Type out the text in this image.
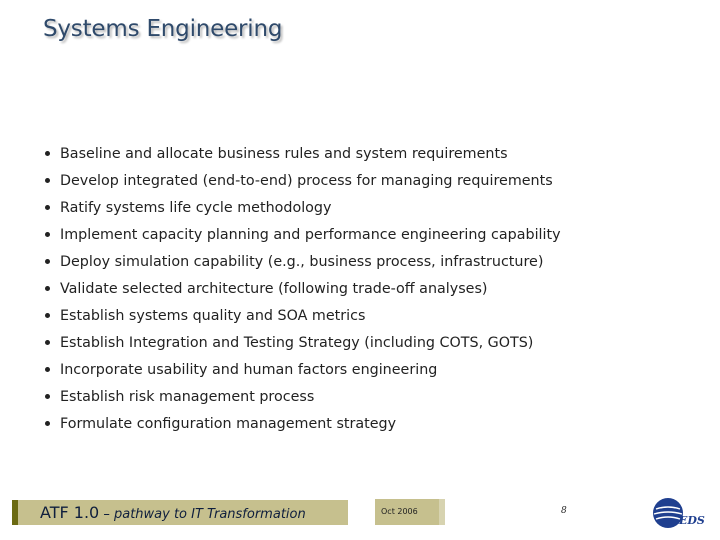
Systems Engineering
Baseline and allocate business rules and system requirements
Develop integrated (end-to-end) process for managing requirements
Ratify systems life cycle methodology
Implement capacity planning and performance engineering capability
Deploy simulation capability (e.g., business process, infrastructure)
Validate selected architecture (following trade-off analyses)
Establish systems quality and SOA metrics
Establish Integration and Testing Strategy (including COTS, GOTS)
Incorporate usability and human factors engineering
Establish risk management process
Formulate configuration management strategy
ATF 1.0 – pathway to IT Transformation	Oct 2006	8
EDS
